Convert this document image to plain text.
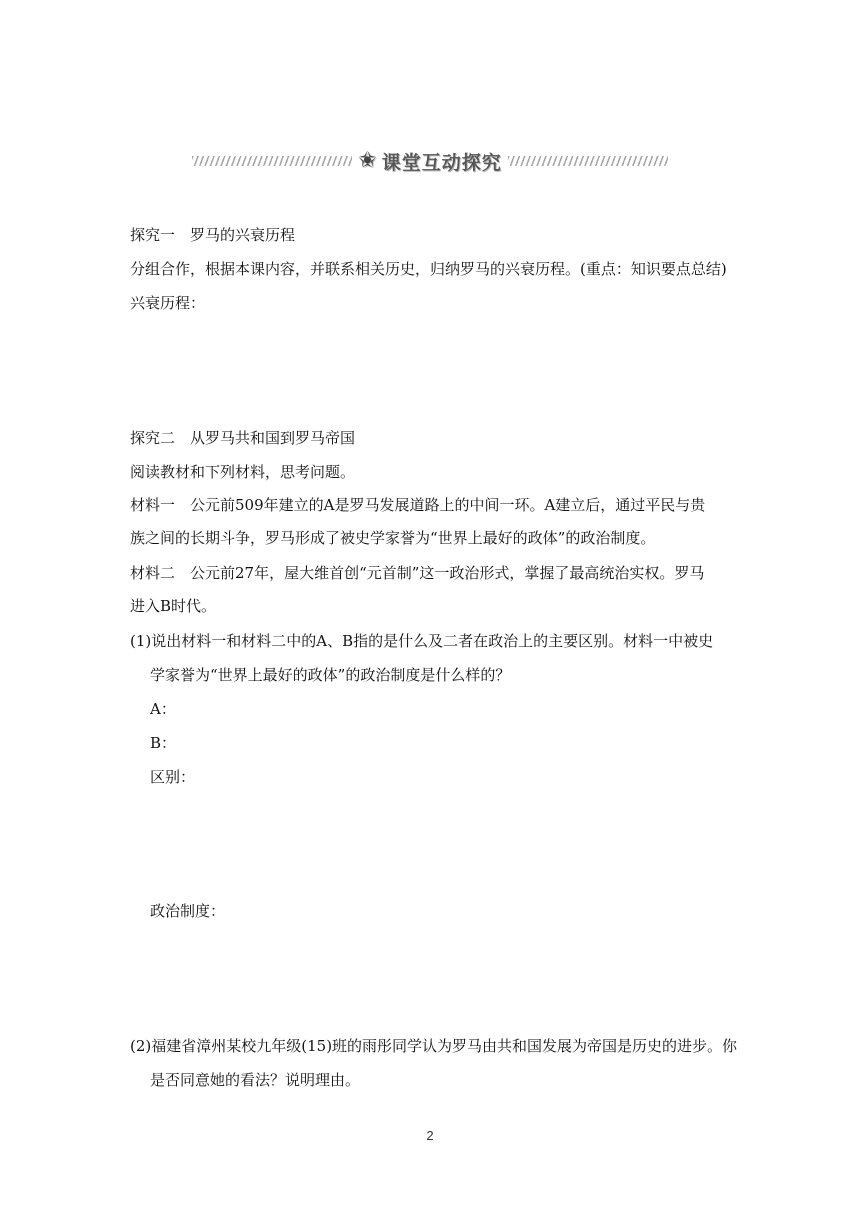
✬ 课堂互动探究
探究一　罗马的兴衰历程
分组合作，根据本课内容，并联系相关历史，归纳罗马的兴衰历程。(重点：知识要点总结)
兴衰历程：
探究二　从罗马共和国到罗马帝国
阅读教材和下列材料，思考问题。
材料一　公元前509年建立的A是罗马发展道路上的中间一环。A建立后，通过平民与贵
族之间的长期斗争，罗马形成了被史学家誉为“世界上最好的政体”的政治制度。
材料二　公元前27年，屋大维首创“元首制”这一政治形式，掌握了最高统治实权。罗马
进入B时代。
(1)说出材料一和材料二中的A、B指的是什么及二者在政治上的主要区别。材料一中被史
学家誉为“世界上最好的政体”的政治制度是什么样的？
A：
B：
区别：
政治制度：
(2)福建省漳州某校九年级(15)班的雨彤同学认为罗马由共和国发展为帝国是历史的进步。你
是否同意她的看法？说明理由。
2
